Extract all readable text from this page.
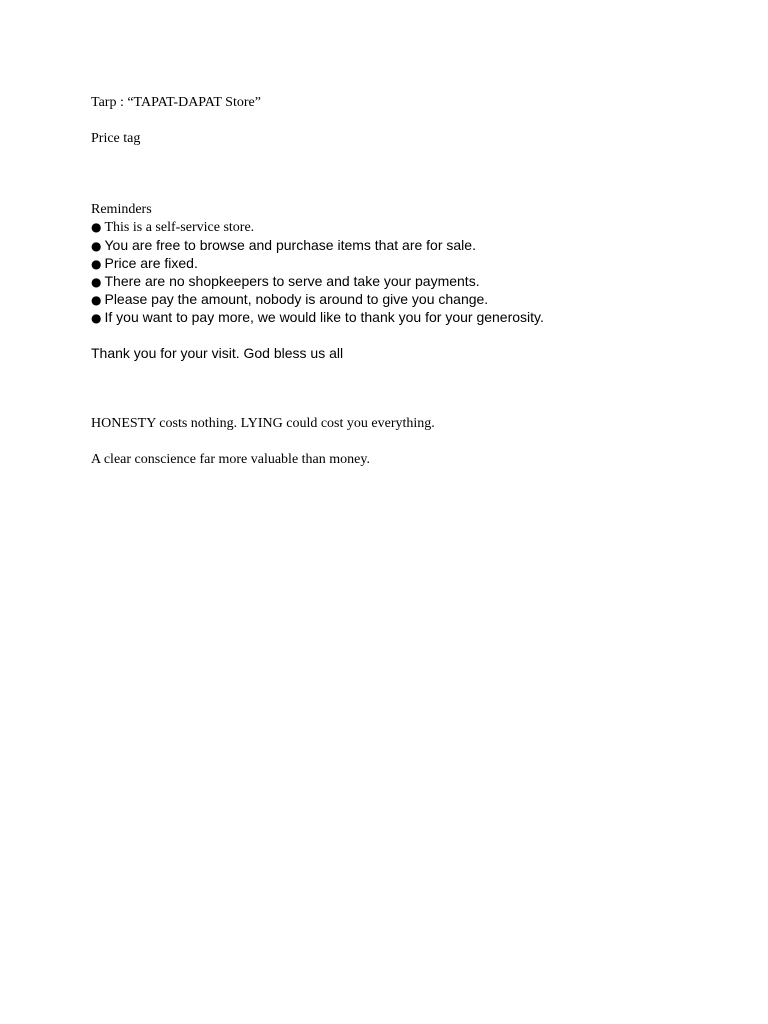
Tarp : “TAPAT-DAPAT Store”
Price tag
Reminders
● This is a self-service store.
● You are free to browse and purchase items that are for sale.
● Price are fixed.
● There are no shopkeepers to serve and take your payments.
● Please pay the amount, nobody is around to give you change.
● If you want to pay more, we would like to thank you for your generosity.
Thank you for your visit. God bless us all
HONESTY costs nothing. LYING could cost you everything.
A clear conscience far more valuable than money.
